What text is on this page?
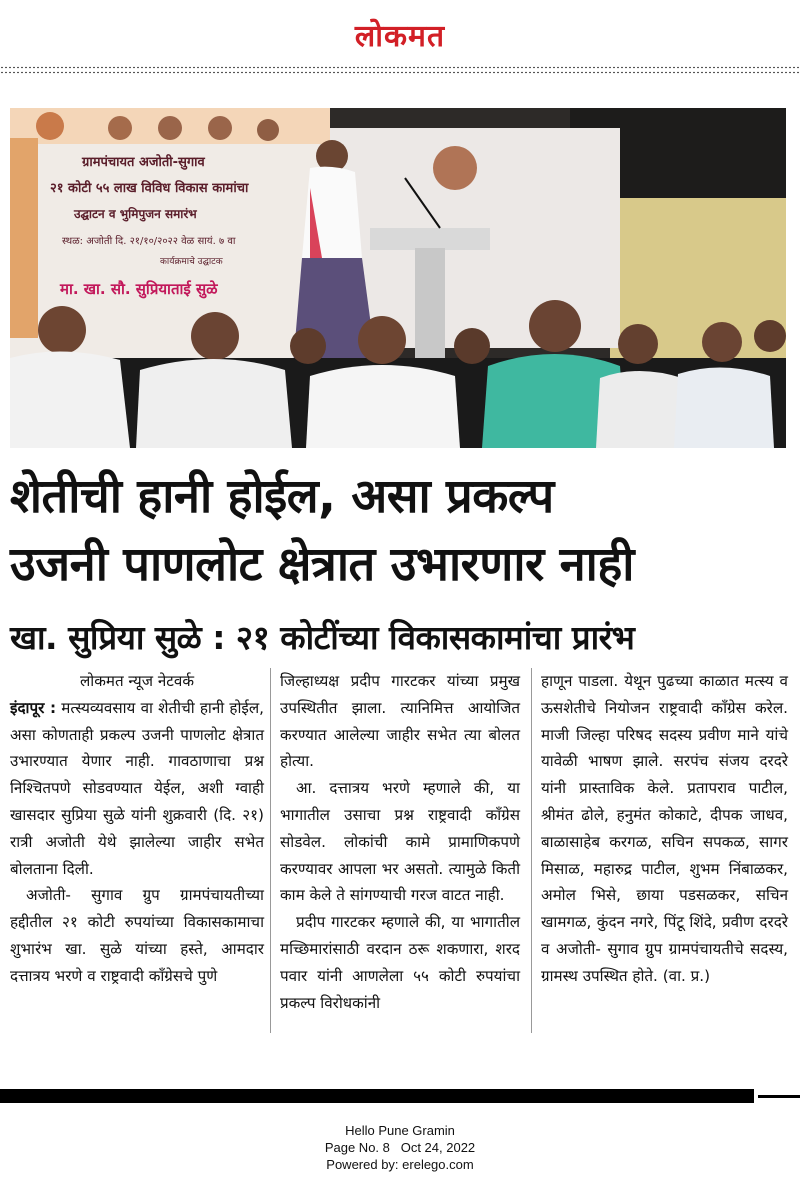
लोकमत
ग्रामपंचायत अजोती-सुगाव
२१ कोटी ५५ लाख विविध विकास कामांचा
उद्घाटन व भुमिपुजन समारंभ
स्थळ: अजोती दि. २१/१०/२०२२ वेळ सायं. ७ वा
कार्यक्रमाचे उद्घाटक
मा. खा. सौ. सुप्रियाताई सुळे
शेतीची हानी होईल, असा प्रकल्प
उजनी पाणलोट क्षेत्रात उभारणार नाही
खा. सुप्रिया सुळे : २१ कोटींच्या विकासकामांचा प्रारंभ
लोकमत न्यूज नेटवर्क

इंदापूर : मत्स्यव्यवसाय वा शेतीची हानी होईल, असा कोणताही प्रकल्प उजनी पाणलोट क्षेत्रात उभारण्यात येणार नाही. गावठाणाचा प्रश्न निश्चितपणे सोडवण्यात येईल, अशी ग्वाही खासदार सुप्रिया सुळे यांनी शुक्रवारी (दि. २१) रात्री अजोती येथे झालेल्या जाहीर सभेत बोलताना दिली.

अजोती- सुगाव ग्रुप ग्रामपंचायतीच्या हद्दीतील २१ कोटी रुपयांच्या विकासकामाचा शुभारंभ खा. सुळे यांच्या हस्ते, आमदार दत्तात्रय भरणे व राष्ट्रवादी काँग्रेसचे पुणे

जिल्हाध्यक्ष प्रदीप गारटकर यांच्या प्रमुख उपस्थितीत झाला. त्यानिमित्त आयोजित करण्यात आलेल्या जाहीर सभेत त्या बोलत होत्या.

आ. दत्तात्रय भरणे म्हणाले की, या भागातील उसाचा प्रश्न राष्ट्रवादी काँग्रेस सोडवेल. लोकांची कामे प्रामाणिकपणे करण्यावर आपला भर असतो. त्यामुळे किती काम केले ते सांगण्याची गरज वाटत नाही.

प्रदीप गारटकर म्हणाले की, या भागातील मच्छिमारांसाठी वरदान ठरू शकणारा, शरद पवार यांनी आणलेला ५५ कोटी रुपयांचा प्रकल्प विरोधकांनी

हाणून पाडला. येथून पुढच्या काळात मत्स्य व ऊसशेतीचे नियोजन राष्ट्रवादी काँग्रेस करेल. माजी जिल्हा परिषद सदस्य प्रवीण माने यांचे यावेळी भाषण झाले. सरपंच संजय दरदरे यांनी प्रास्ताविक केले. प्रतापराव पाटील, श्रीमंत ढोले, हनुमंत कोकाटे, दीपक जाधव, बाळासाहेब करगळ, सचिन सपकळ, सागर मिसाळ, महारुद्र पाटील, शुभम निंबाळकर, अमोल भिसे, छाया पडसळकर, सचिन खामगळ, कुंदन नगरे, पिंटू शिंदे, प्रवीण दरदरे व अजोती- सुगाव ग्रुप ग्रामपंचायतीचे सदस्य, ग्रामस्थ उपस्थित होते. (वा. प्र.)

Hello Pune Gramin
Page No. 8 Oct 24, 2022
Powered by: erelego.com
